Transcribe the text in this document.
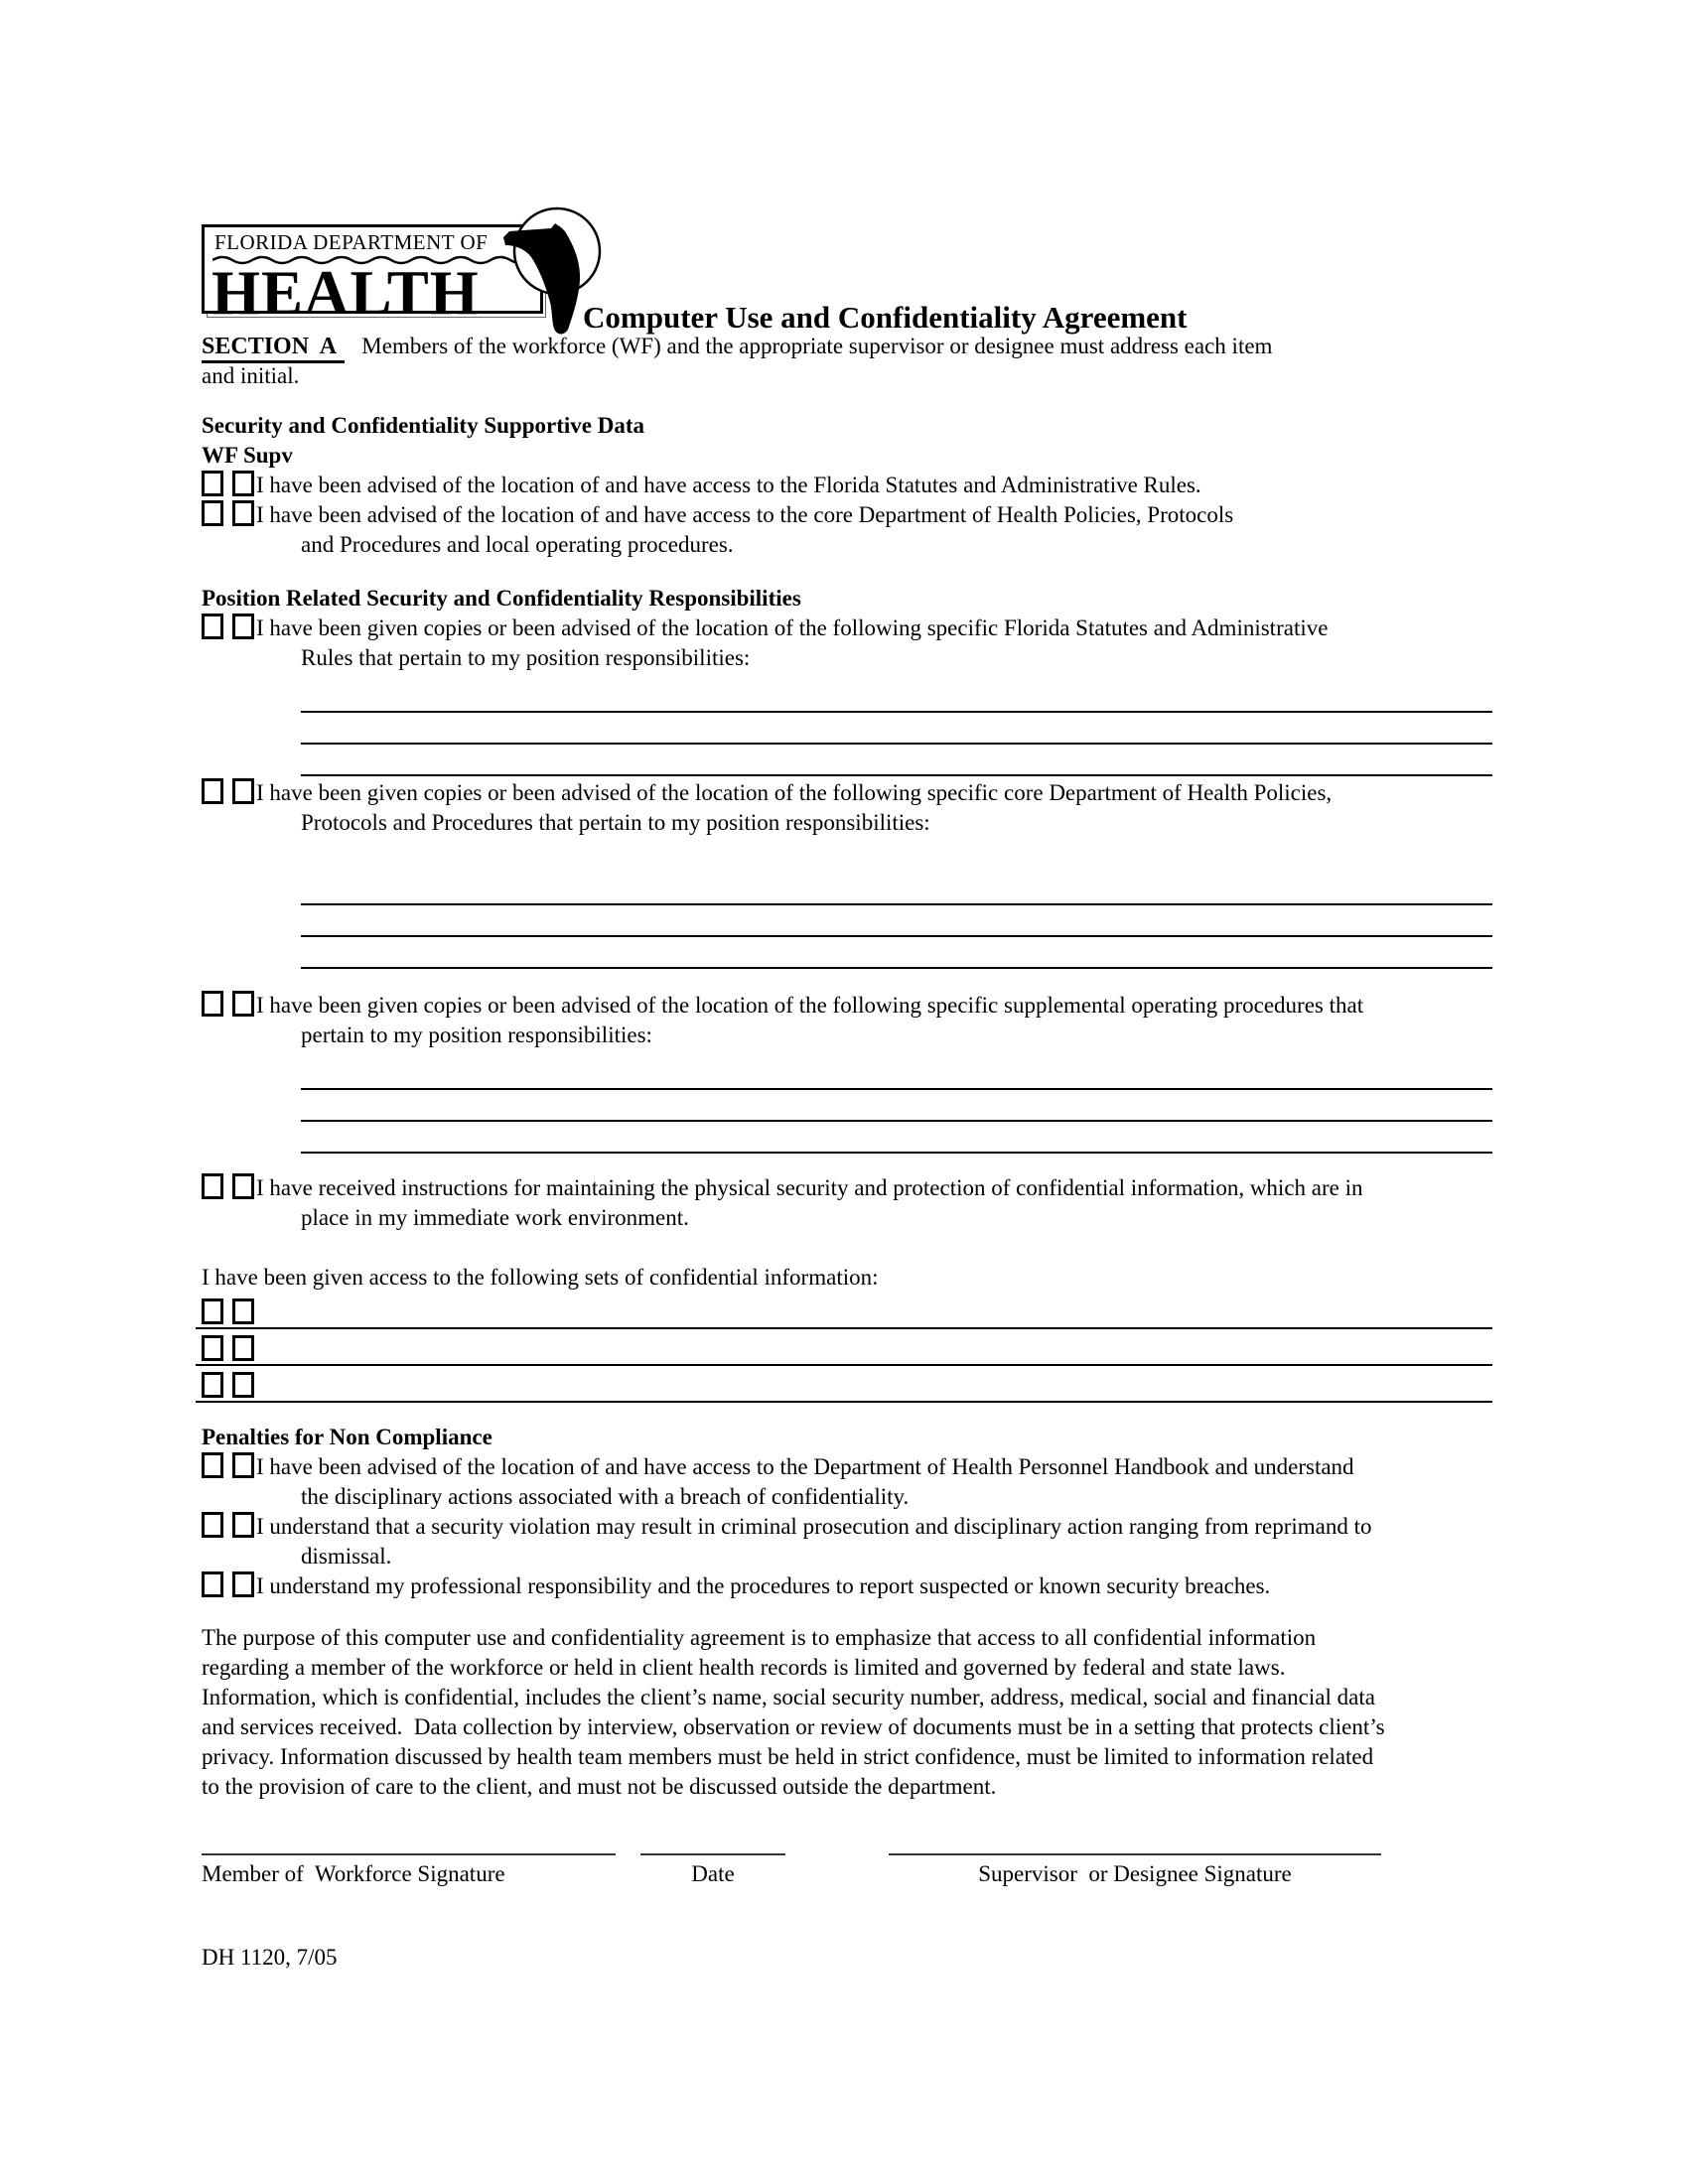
FLORIDA DEPARTMENT OF
HEALTH	Computer Use and Confidentiality Agreement
SECTION  A Members of the workforce (WF) and the appropriate supervisor or designee must address each item
and initial.
Security and Confidentiality Supportive Data
WF Supv
I have been advised of the location of and have access to the Florida Statutes and Administrative Rules.
I have been advised of the location of and have access to the core Department of Health Policies, Protocols
and Procedures and local operating procedures.
Position Related Security and Confidentiality Responsibilities
I have been given copies or been advised of the location of the following specific Florida Statutes and Administrative
Rules that pertain to my position responsibilities:
I have been given copies or been advised of the location of the following specific core Department of Health Policies,
Protocols and Procedures that pertain to my position responsibilities:
I have been given copies or been advised of the location of the following specific supplemental operating procedures that
pertain to my position responsibilities:
I have received instructions for maintaining the physical security and protection of confidential information, which are in
place in my immediate work environment.
I have been given access to the following sets of confidential information:
Penalties for Non Compliance
I have been advised of the location of and have access to the Department of Health Personnel Handbook and understand
the disciplinary actions associated with a breach of confidentiality.
I understand that a security violation may result in criminal prosecution and disciplinary action ranging from reprimand to
dismissal.
I understand my professional responsibility and the procedures to report suspected or known security breaches.
The purpose of this computer use and confidentiality agreement is to emphasize that access to all confidential information
regarding a member of the workforce or held in client health records is limited and governed by federal and state laws.
Information, which is confidential, includes the client’s name, social security number, address, medical, social and financial data
and services received.  Data collection by interview, observation or review of documents must be in a setting that protects client’s
privacy. Information discussed by health team members must be held in strict confidence, must be limited to information related
to the provision of care to the client, and must not be discussed outside the department.
Member of  Workforce Signature	Date	Supervisor  or Designee Signature
DH 1120, 7/05
